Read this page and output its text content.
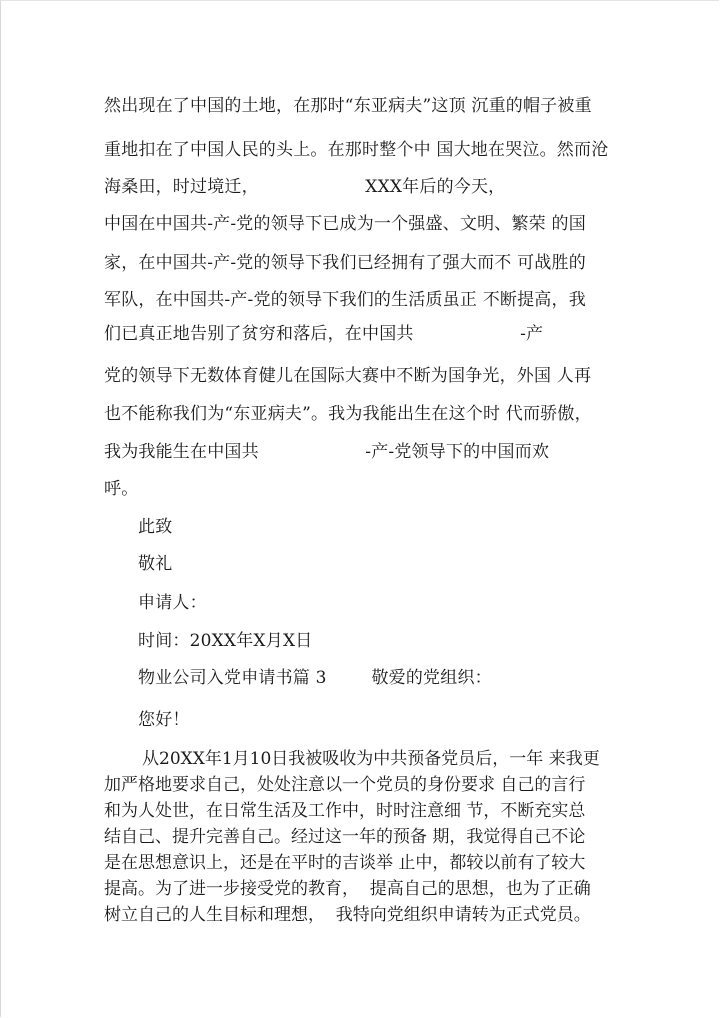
然出现在了中国的土地，在那时“东亚病夫”这顶 沉重的帽子被重
重地扣在了中国人民的头上。在那时整个中 国大地在哭泣。然而沧
海桑田，时过境迁，                   XXX年后的今天，
中国在中国共-产-党的领导下已成为一个强盛、文明、繁荣 的国
家，在中国共-产-党的领导下我们已经拥有了强大而不 可战胜的
军队，在中国共-产-党的领导下我们的生活质虽正 不断提高，我
们已真正地告别了贫穷和落后，在中国共                   -产
党的领导下无数体育健儿在国际大赛中不断为国争光，外国 人再
也不能称我们为“东亚病夫”。我为我能出生在这个时 代而骄傲，
我为我能生在中国共                   -产-党领导下的中国而欢
呼。
此致
敬礼
申请人：
时间：20XX年X月X日
物业公司入党申请书篇 3        敬爱的党组织：
您好！
从20XX年1月10日我被吸收为中共预备党员后，一年 来我更
加严格地要求自己，处处注意以一个党员的身份要求 自己的言行
和为人处世，在日常生活及工作中，时时注意细 节，不断充实总
结自己、提升完善自己。经过这一年的预备 期，我觉得自己不论
是在思想意识上，还是在平时的吉谈举 止中，都较以前有了较大
提高。为了进一步接受党的教育，  提高自己的思想，也为了正确
树立自己的人生目标和理想，  我特向党组织申请转为正式党员。
